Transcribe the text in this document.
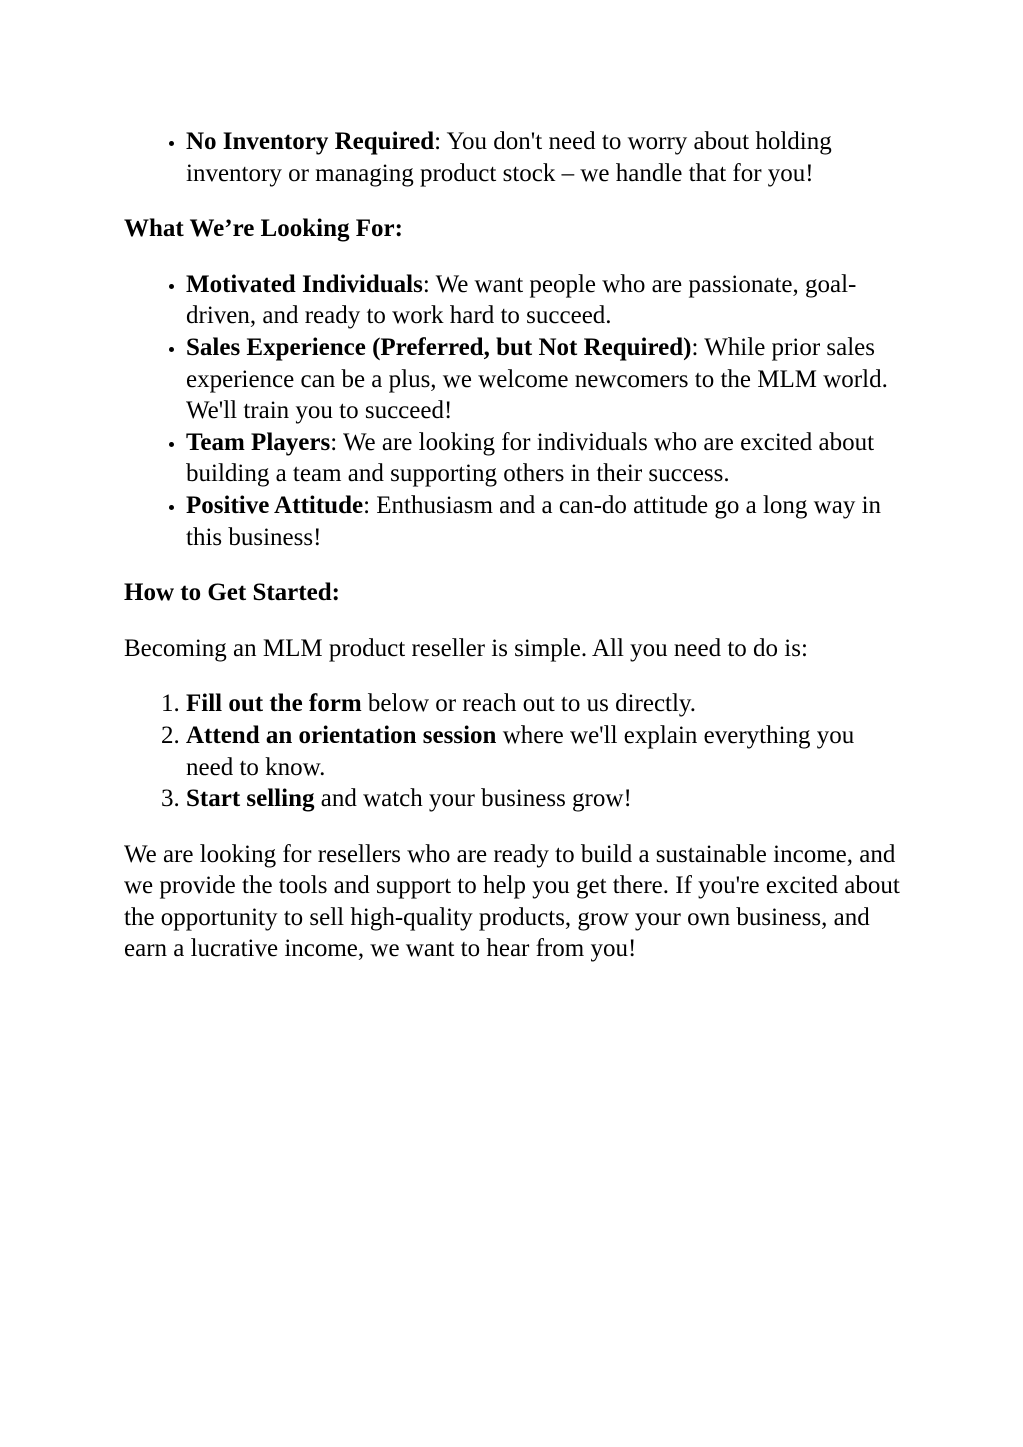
• No Inventory Required: You don't need to worry about holding inventory or managing product stock – we handle that for you!
What We’re Looking For:
• Motivated Individuals: We want people who are passionate, goal-driven, and ready to work hard to succeed.
• Sales Experience (Preferred, but Not Required): While prior sales experience can be a plus, we welcome newcomers to the MLM world. We'll train you to succeed!
• Team Players: We are looking for individuals who are excited about building a team and supporting others in their success.
• Positive Attitude: Enthusiasm and a can-do attitude go a long way in this business!
How to Get Started:

Becoming an MLM product reseller is simple. All you need to do is:

1. Fill out the form below or reach out to us directly.
2. Attend an orientation session where we'll explain everything you need to know.
3. Start selling and watch your business grow!

We are looking for resellers who are ready to build a sustainable income, and we provide the tools and support to help you get there. If you're excited about the opportunity to sell high-quality products, grow your own business, and earn a lucrative income, we want to hear from you!
